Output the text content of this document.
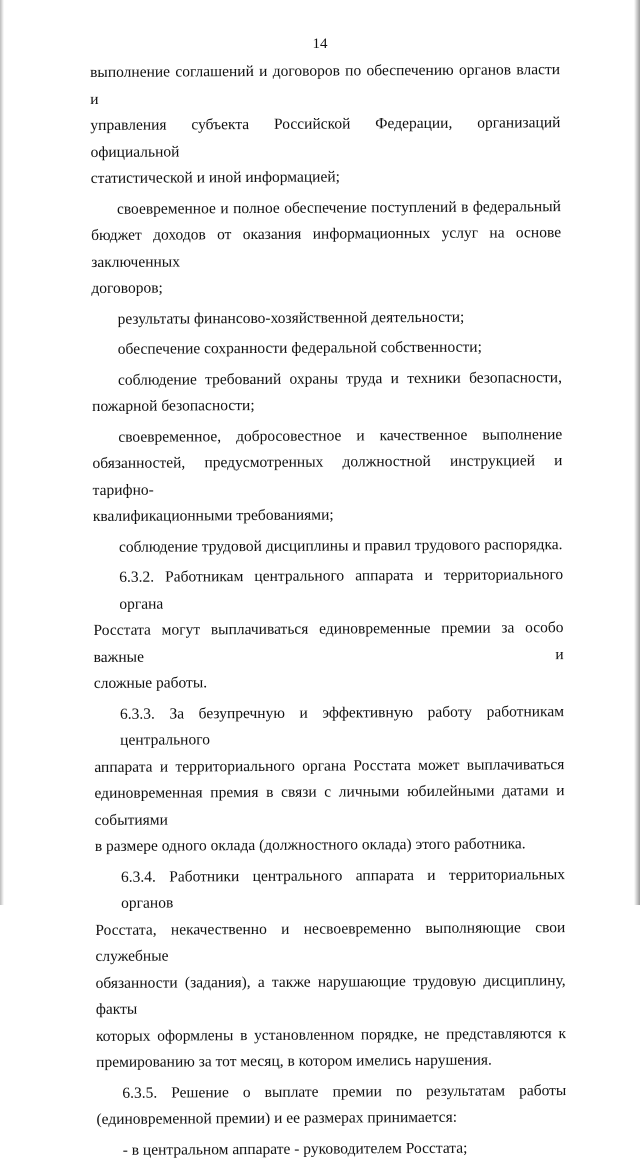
14
выполнение соглашений и договоров по обеспечению органов власти и
управления субъекта Российской Федерации, организаций официальной
статистической и иной информацией;
своевременное и полное обеспечение поступлений в федеральный
бюджет доходов от оказания информационных услуг на основе заключенных
договоров;
результаты финансово-хозяйственной деятельности;
обеспечение сохранности федеральной собственности;
соблюдение требований охраны труда и техники безопасности,
пожарной безопасности;
своевременное, добросовестное и качественное выполнение
обязанностей, предусмотренных должностной инструкцией и тарифно-
квалификационными требованиями;
соблюдение трудовой дисциплины и правил трудового распорядка.
6.3.2. Работникам центрального аппарата и территориального органа
Росстата могут выплачиваться единовременные премии за особо важные и
сложные работы.
6.3.3. За безупречную и эффективную работу работникам центрального
аппарата и территориального органа Росстата может выплачиваться
единовременная премия в связи с личными юбилейными датами и событиями
в размере одного оклада (должностного оклада) этого работника.
6.3.4. Работники центрального аппарата и территориальных органов
Росстата, некачественно и несвоевременно выполняющие свои служебные
обязанности (задания), а также нарушающие трудовую дисциплину, факты
которых оформлены в установленном порядке, не представляются к
премированию за тот месяц, в котором имелись нарушения.
6.3.5. Решение о выплате премии по результатам работы
(единовременной премии) и ее размерах принимается:
- в центральном аппарате - руководителем Росстата;
